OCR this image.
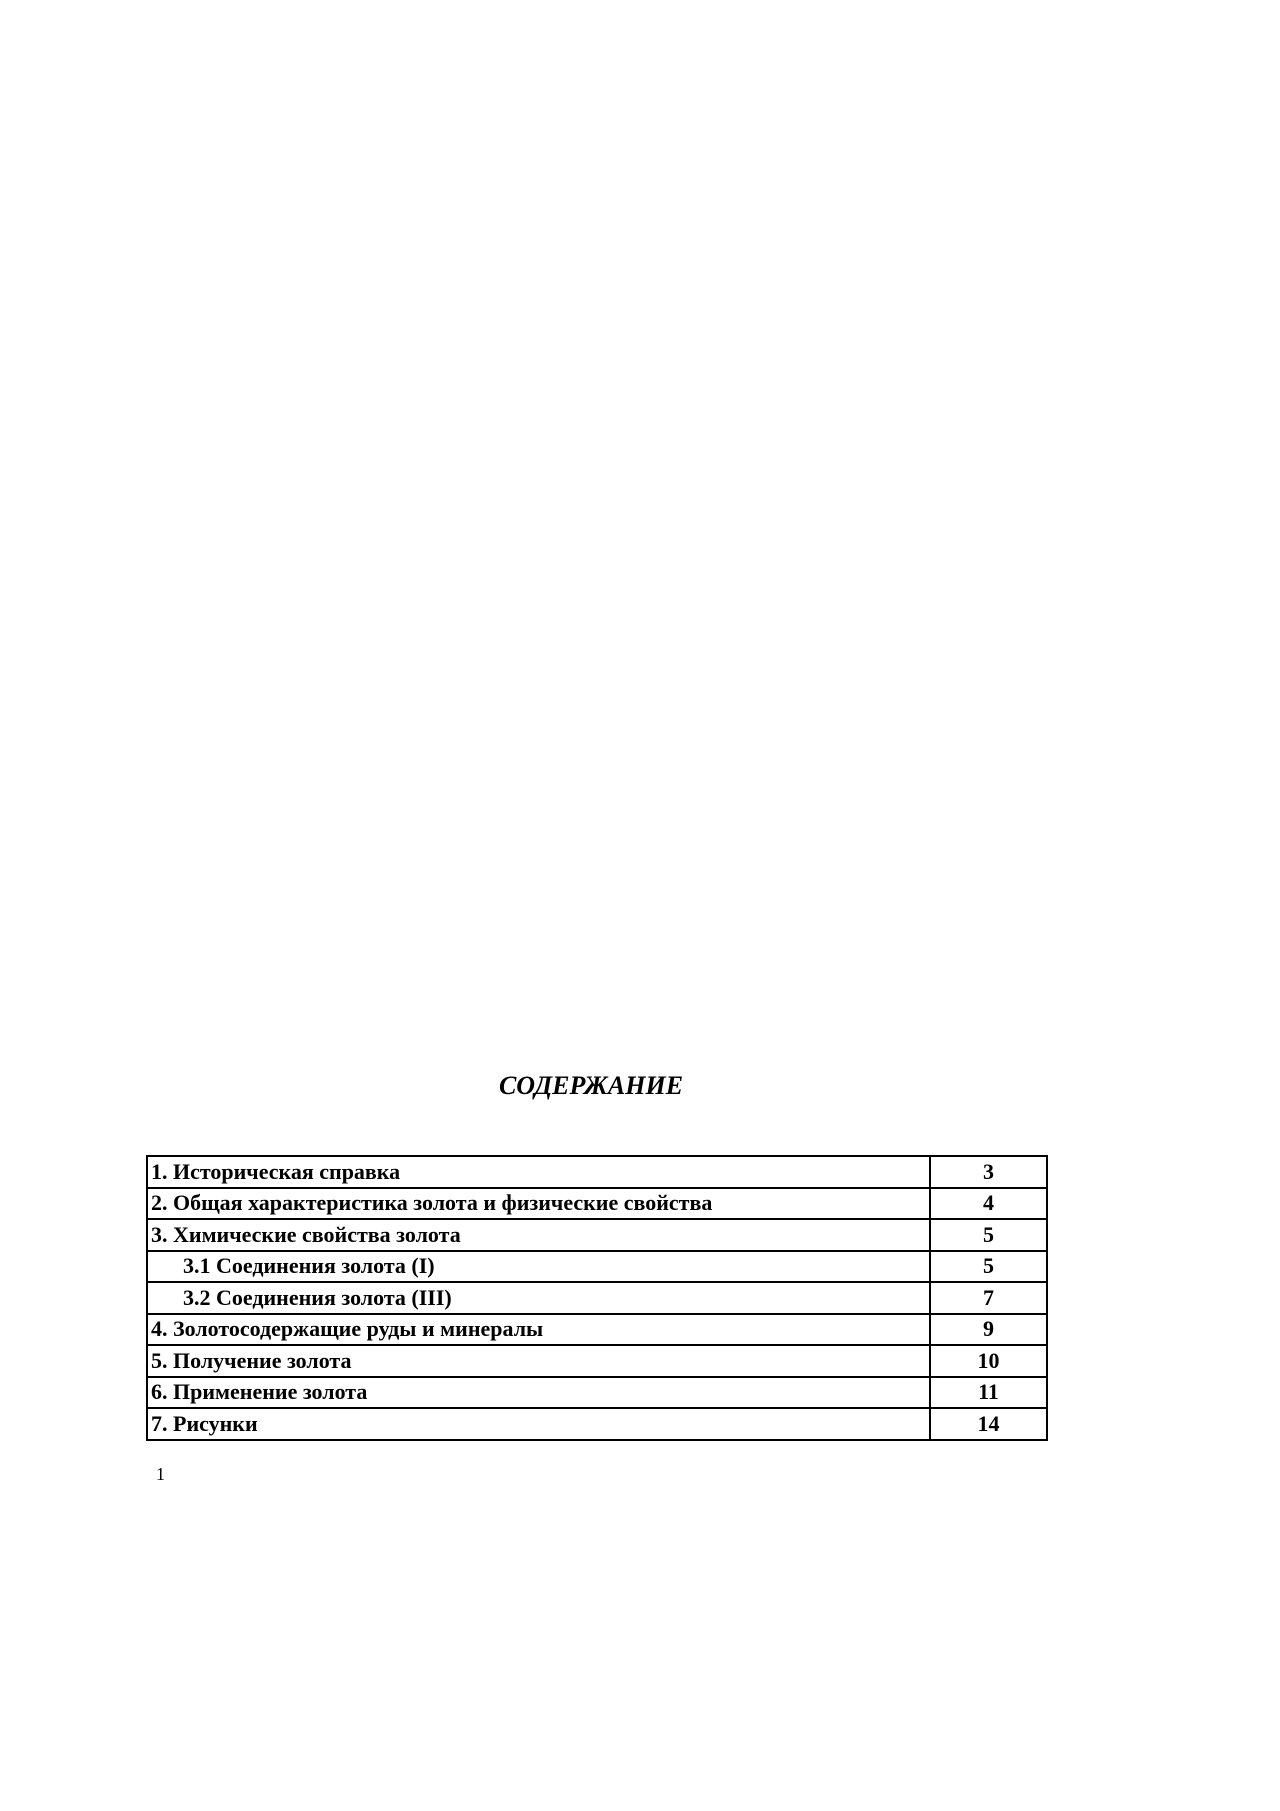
СОДЕРЖАНИЕ
1. Историческая справка	3
2. Общая характеристика золота и физические свойства	4
3. Химические свойства золота	5
3.1 Соединения золота (I)	5
3.2 Соединения золота (III)	7
4. Золотосодержащие руды и минералы	9
5. Получение золота	10
6. Применение золота	11
7. Рисунки	14
1
